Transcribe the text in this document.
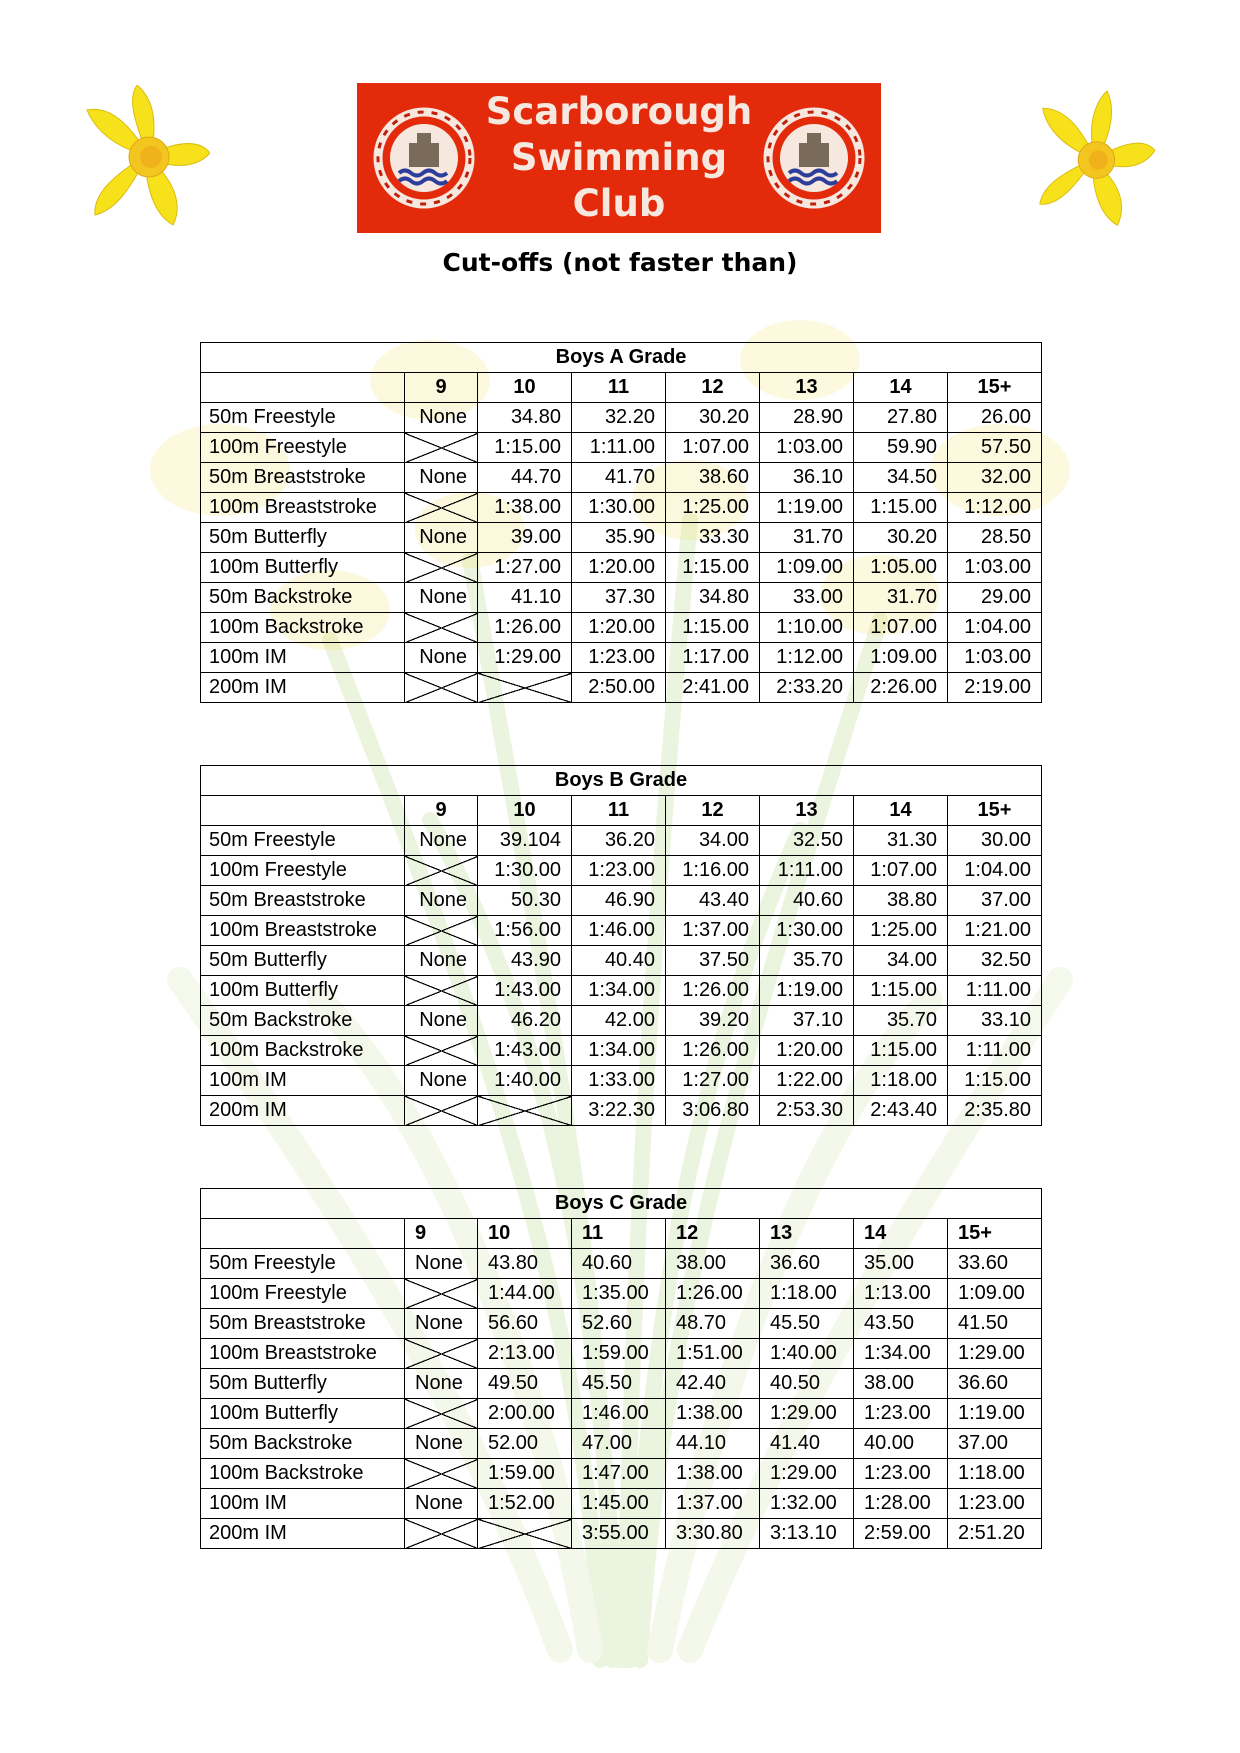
Scarborough
Swimming
Club
Cut-offs (not faster than)
Boys A Grade							
	9	10	11	12	13	14	15+
50m Freestyle	None	34.80	32.20	30.20	28.90	27.80	26.00
100m Freestyle		1:15.00	1:11.00	1:07.00	1:03.00	59.90	57.50
50m Breaststroke	None	44.70	41.70	38.60	36.10	34.50	32.00
100m Breaststroke		1:38.00	1:30.00	1:25.00	1:19.00	1:15.00	1:12.00
50m Butterfly	None	39.00	35.90	33.30	31.70	30.20	28.50
100m Butterfly		1:27.00	1:20.00	1:15.00	1:09.00	1:05.00	1:03.00
50m Backstroke	None	41.10	37.30	34.80	33.00	31.70	29.00
100m Backstroke		1:26.00	1:20.00	1:15.00	1:10.00	1:07.00	1:04.00
100m IM	None	1:29.00	1:23.00	1:17.00	1:12.00	1:09.00	1:03.00
200m IM			2:50.00	2:41.00	2:33.20	2:26.00	2:19.00
Boys B Grade							
	9	10	11	12	13	14	15+
50m Freestyle	None	39.104	36.20	34.00	32.50	31.30	30.00
100m Freestyle		1:30.00	1:23.00	1:16.00	1:11.00	1:07.00	1:04.00
50m Breaststroke	None	50.30	46.90	43.40	40.60	38.80	37.00
100m Breaststroke		1:56.00	1:46.00	1:37.00	1:30.00	1:25.00	1:21.00
50m Butterfly	None	43.90	40.40	37.50	35.70	34.00	32.50
100m Butterfly		1:43.00	1:34.00	1:26.00	1:19.00	1:15.00	1:11.00
50m Backstroke	None	46.20	42.00	39.20	37.10	35.70	33.10
100m Backstroke		1:43.00	1:34.00	1:26.00	1:20.00	1:15.00	1:11.00
100m IM	None	1:40.00	1:33.00	1:27.00	1:22.00	1:18.00	1:15.00
200m IM			3:22.30	3:06.80	2:53.30	2:43.40	2:35.80
Boys C Grade							
	9	10	11	12	13	14	15+
50m Freestyle	None	43.80	40.60	38.00	36.60	35.00	33.60
100m Freestyle		1:44.00	1:35.00	1:26.00	1:18.00	1:13.00	1:09.00
50m Breaststroke	None	56.60	52.60	48.70	45.50	43.50	41.50
100m Breaststroke		2:13.00	1:59.00	1:51.00	1:40.00	1:34.00	1:29.00
50m Butterfly	None	49.50	45.50	42.40	40.50	38.00	36.60
100m Butterfly		2:00.00	1:46.00	1:38.00	1:29.00	1:23.00	1:19.00
50m Backstroke	None	52.00	47.00	44.10	41.40	40.00	37.00
100m Backstroke		1:59.00	1:47.00	1:38.00	1:29.00	1:23.00	1:18.00
100m IM	None	1:52.00	1:45.00	1:37.00	1:32.00	1:28.00	1:23.00
200m IM			3:55.00	3:30.80	3:13.10	2:59.00	2:51.20
